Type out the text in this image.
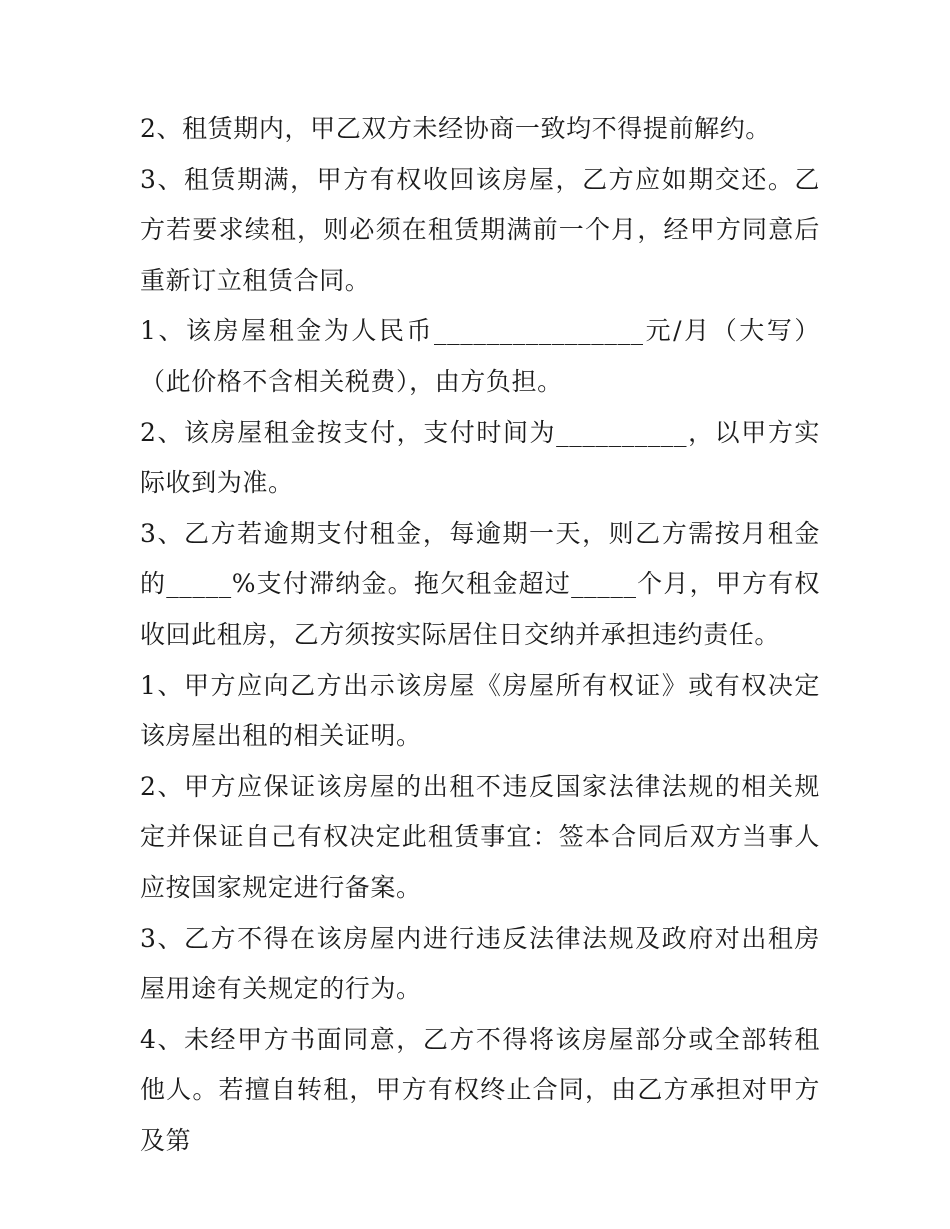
2、租赁期内，甲乙双方未经协商一致均不得提前解约。

3、租赁期满，甲方有权收回该房屋，乙方应如期交还。乙方若要求续租，则必须在租赁期满前一个月，经甲方同意后重新订立租赁合同。

1、该房屋租金为人民币________________元/月（大写）（此价格不含相关税费），由方负担。

2、该房屋租金按支付，支付时间为__________，以甲方实际收到为准。

3、乙方若逾期支付租金，每逾期一天，则乙方需按月租金的_____%支付滞纳金。拖欠租金超过_____个月，甲方有权收回此租房，乙方须按实际居住日交纳并承担违约责任。

1、甲方应向乙方出示该房屋《房屋所有权证》或有权决定该房屋出租的相关证明。

2、甲方应保证该房屋的出租不违反国家法律法规的相关规定并保证自己有权决定此租赁事宜：签本合同后双方当事人应按国家规定进行备案。

3、乙方不得在该房屋内进行违反法律法规及政府对出租房屋用途有关规定的行为。

4、未经甲方书面同意，乙方不得将该房屋部分或全部转租他人。若擅自转租，甲方有权终止合同，由乙方承担对甲方及第
